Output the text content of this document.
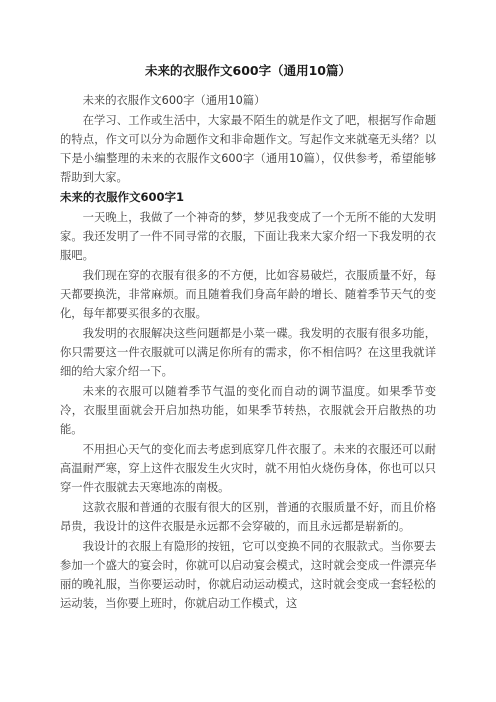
未来的衣服作文600字（通用10篇）

未来的衣服作文600字（通用10篇）

在学习、工作或生活中，大家最不陌生的就是作文了吧，根据写作命题的特点，作文可以分为命题作文和非命题作文。写起作文来就毫无头绪？以下是小编整理的未来的衣服作文600字（通用10篇），仅供参考，希望能够帮助到大家。

未来的衣服作文600字1

一天晚上，我做了一个神奇的梦，梦见我变成了一个无所不能的大发明家。我还发明了一件不同寻常的衣服，下面让我来大家介绍一下我发明的衣服吧。

我们现在穿的衣服有很多的不方便，比如容易破烂，衣服质量不好，每天都要换洗，非常麻烦。而且随着我们身高年龄的增长、随着季节天气的变化，每年都要买很多的衣服。

我发明的衣服解决这些问题都是小菜一碟。我发明的衣服有很多功能，你只需要这一件衣服就可以满足你所有的需求，你不相信吗？在这里我就详细的给大家介绍一下。

未来的衣服可以随着季节气温的变化而自动的调节温度。如果季节变冷，衣服里面就会开启加热功能，如果季节转热，衣服就会开启散热的功能。

不用担心天气的变化而去考虑到底穿几件衣服了。未来的衣服还可以耐高温耐严寒，穿上这件衣服发生火灾时，就不用怕火烧伤身体，你也可以只穿一件衣服就去天寒地冻的南极。

这款衣服和普通的衣服有很大的区别，普通的衣服质量不好，而且价格昂贵，我设计的这件衣服是永远都不会穿破的，而且永远都是崭新的。

我设计的衣服上有隐形的按钮，它可以变换不同的衣服款式。当你要去参加一个盛大的宴会时，你就可以启动宴会模式，这时就会变成一件漂亮华丽的晚礼服，当你要运动时，你就启动运动模式，这时就会变成一套轻松的运动装，当你要上班时，你就启动工作模式，这
